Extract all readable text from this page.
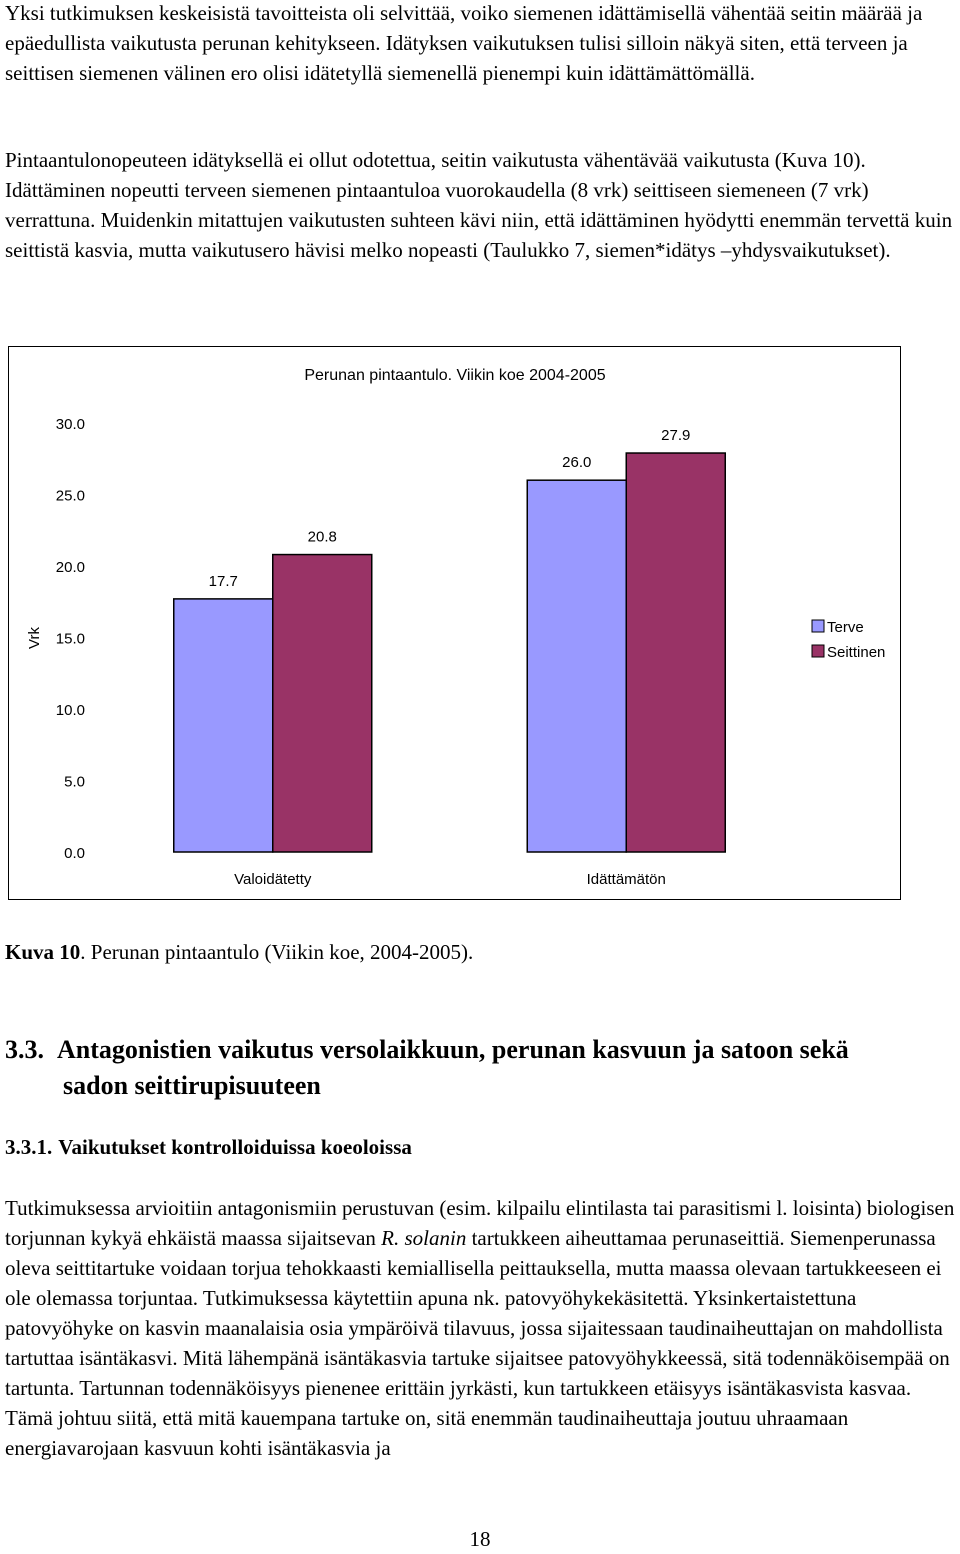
Yksi tutkimuksen keskeisistä tavoitteista oli selvittää, voiko siemenen idättämisellä vähentää seitin määrää ja epäedullista vaikutusta perunan kehitykseen. Idätyksen vaikutuksen tulisi silloin näkyä siten, että terveen ja seittisen siemenen välinen ero olisi idätetyllä siemenellä pienempi kuin idättämättömällä.

Pintaantulonopeuteen idätyksellä ei ollut odotettua, seitin vaikutusta vähentävää vaikutusta (Kuva 10). Idättäminen nopeutti terveen siemenen pintaantuloa vuorokaudella (8 vrk) seittiseen siemeneen (7 vrk) verrattuna. Muidenkin mitattujen vaikutusten suhteen kävi niin, että idättäminen hyödytti enemmän tervettä kuin seittistä kasvia, mutta vaikutusero hävisi melko nopeasti (Taulukko 7, siemen*idätys –yhdysvaikutukset).

Perunan pintaantulo. Viikin koe 2004-2005
0.0
5.0
10.0
15.0
20.0
25.0
30.0
Vrk
17.7
20.8
Valoidätetty
26.0
27.9
Idättämätön
Terve
Seittinen

Kuva 10. Perunan pintaantulo (Viikin koe, 2004-2005).

3.3. Antagonistien vaikutus versolaikkuun, perunan kasvuun ja satoon sekä
sadon seittirupisuuteen
3.3.1. Vaikutukset kontrolloiduissa koeoloissa

Tutkimuksessa arvioitiin antagonismiin perustuvan (esim. kilpailu elintilasta tai parasitismi l. loisinta) biologisen torjunnan kykyä ehkäistä maassa sijaitsevan R. solanin tartukkeen aiheuttamaa perunaseittiä. Siemenperunassa oleva seittitartuke voidaan torjua tehokkaasti kemiallisella peittauksella, mutta maassa olevaan tartukkeeseen ei ole olemassa torjuntaa. Tutkimuksessa käytettiin apuna nk. patovyöhykekäsitettä. Yksinkertaistettuna patovyöhyke on kasvin maanalaisia osia ympäröivä tilavuus, jossa sijaitessaan taudinaiheuttajan on mahdollista tartuttaa isäntäkasvi. Mitä lähempänä isäntäkasvia tartuke sijaitsee patovyöhykkeessä, sitä todennäköisempää on tartunta. Tartunnan todennäköisyys pienenee erittäin jyrkästi, kun tartukkeen etäisyys isäntäkasvista kasvaa. Tämä johtuu siitä, että mitä kauempana tartuke on, sitä enemmän taudinaiheuttaja joutuu uhraamaan energiavarojaan kasvuun kohti isäntäkasvia ja

18
